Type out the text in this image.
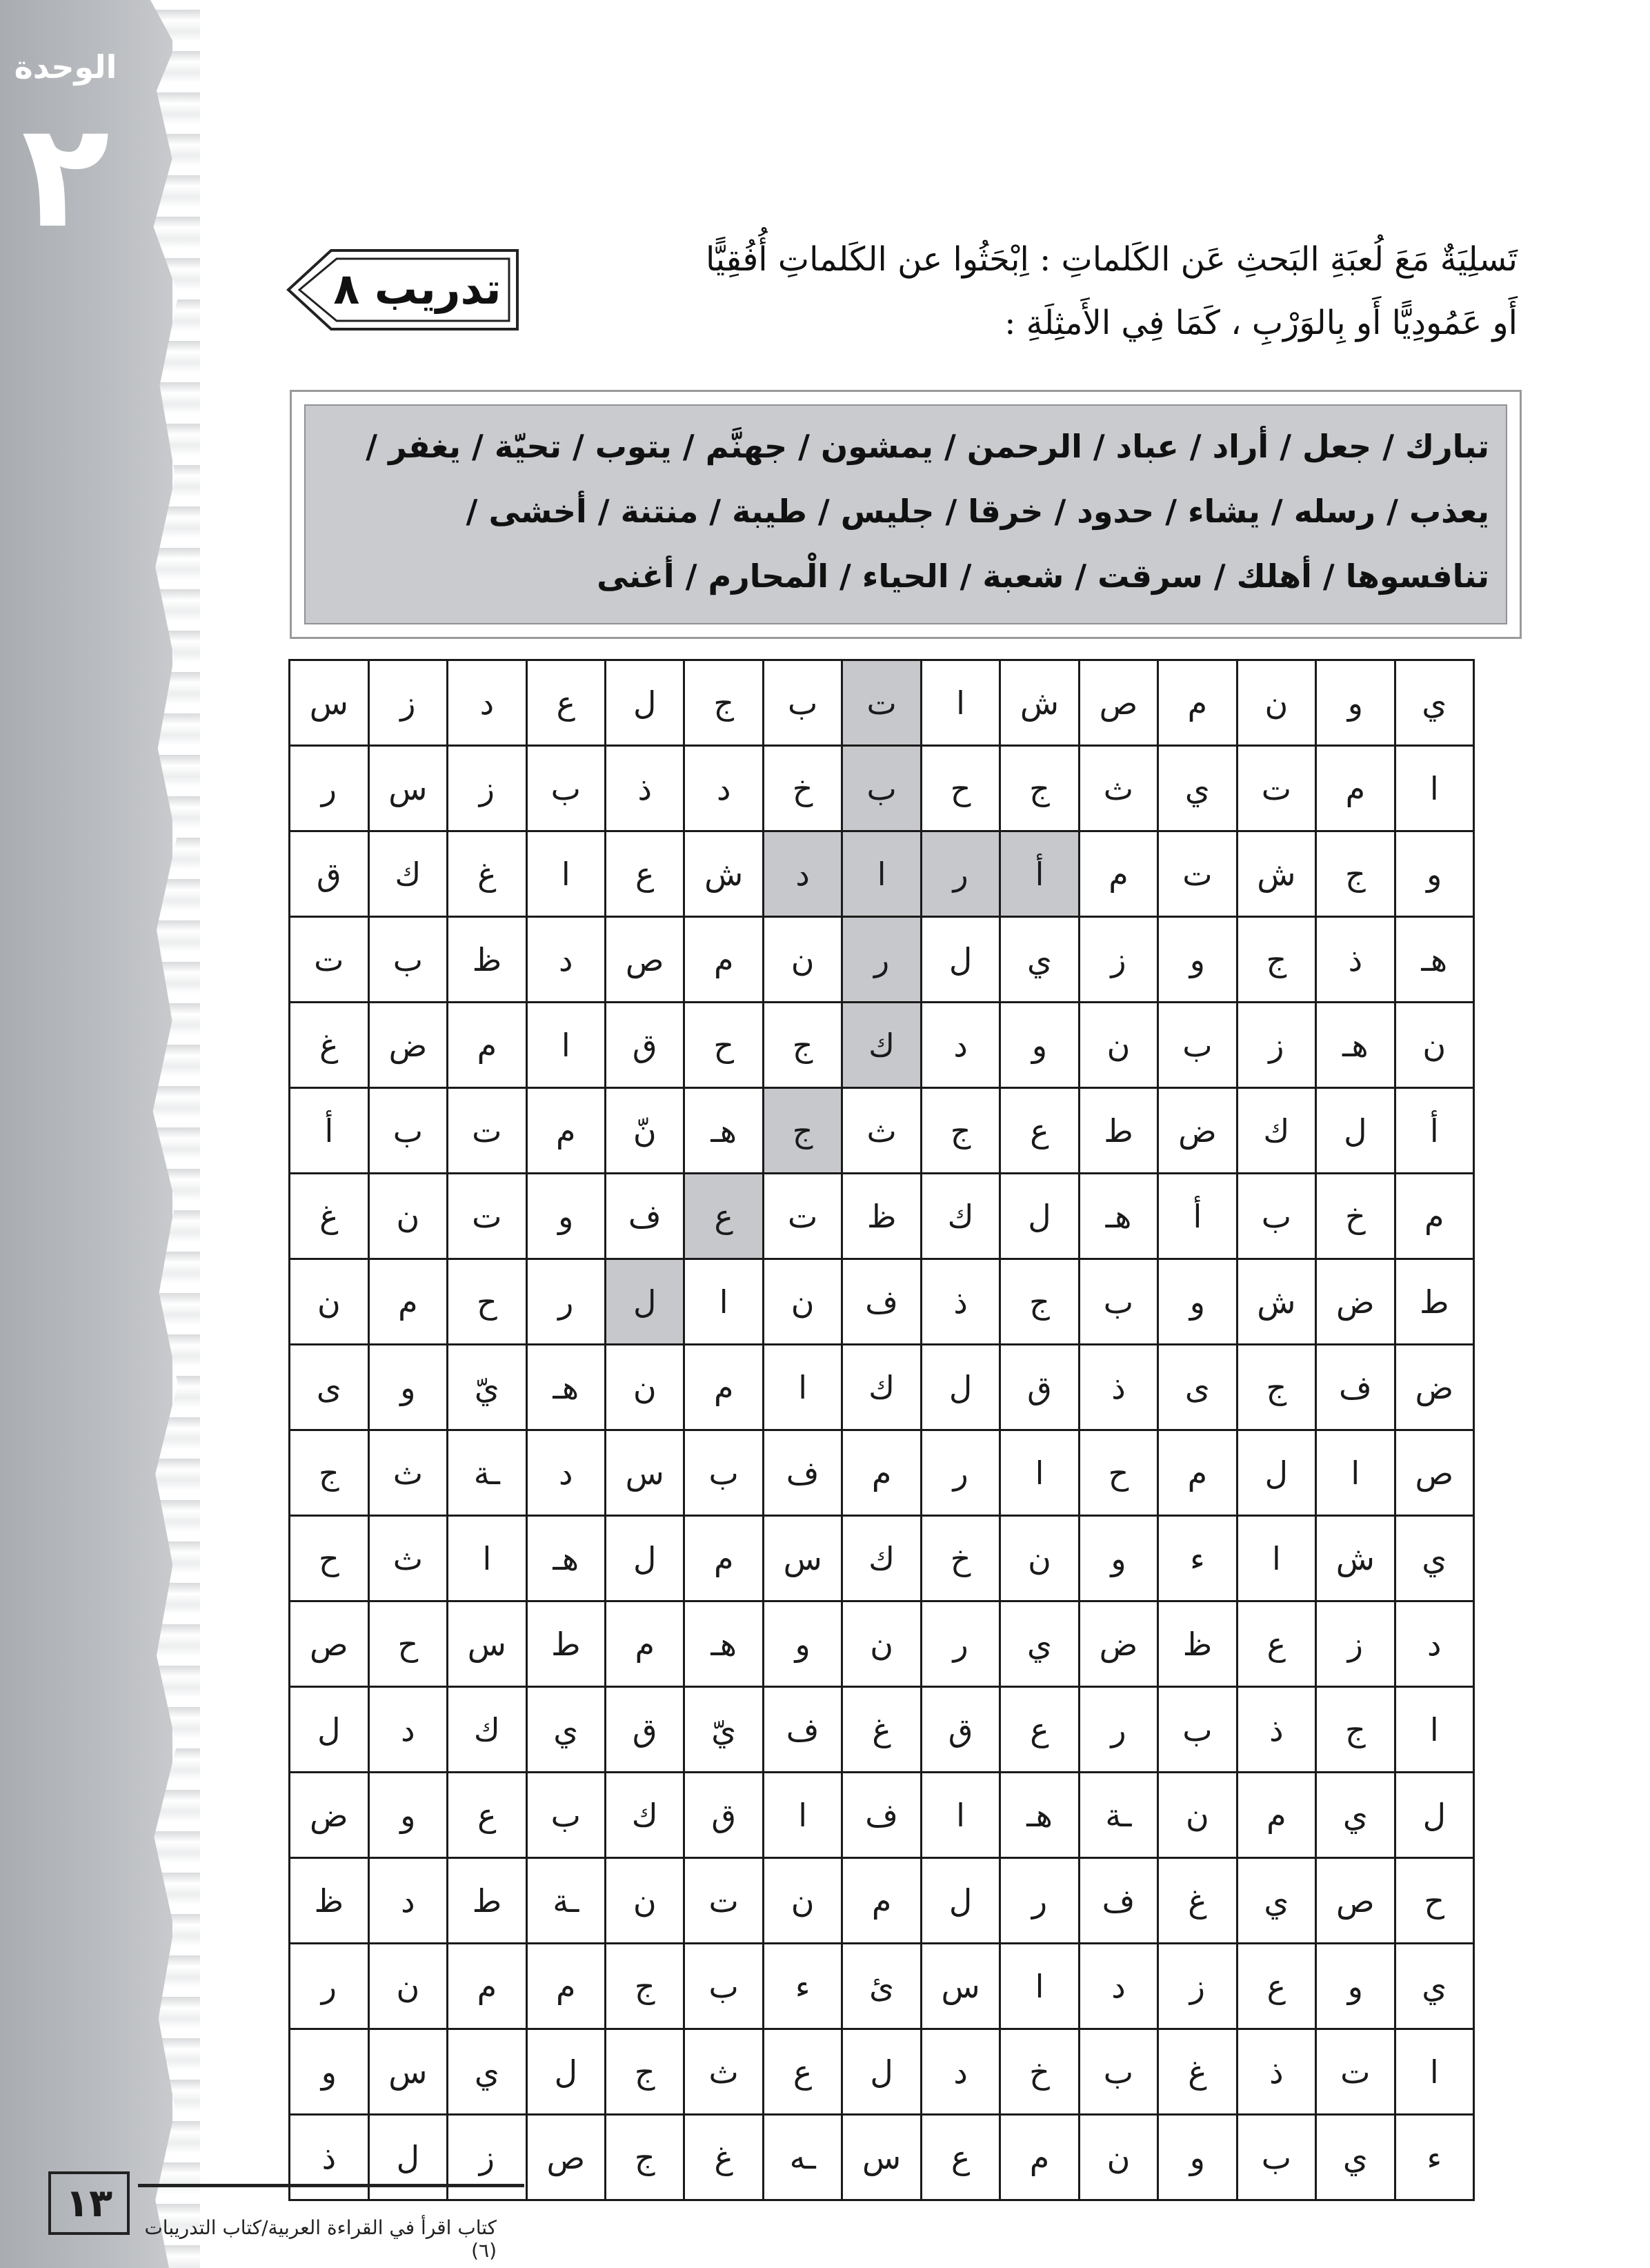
الوحدة
٢
تدريب ٨
تَسلِيَةٌ مَعَ لُعبَةِ البَحثِ عَن الكَلماتِ : اِبْحَثُوا عن الكَلماتِ أُفُقِيًّا
أَو عَمُودِيًّا أَو بِالوَرْبِ ، كَمَا فِي الأَمثِلَةِ :
تبارك / جعل / أراد / عباد / الرحمن / يمشون / جهنَّم / يتوب / تحيّة / يغفر /
يعذب / رسله / يشاء / حدود / خرقا / جليس / طيبة / منتنة / أخشى /
تنافسوها / أهلك / سرقت / شعبة / الحياء / الْمحارم / أغنى
ي	و	ن	م	ص	ش	ا	ت	ب	ج	ل	ع	د	ز	س
ا	م	ت	ي	ث	ج	ح	ب	خ	د	ذ	ب	ز	س	ر
و	ج	ش	ت	م	أ	ر	ا	د	ش	ع	ا	غ	ك	ق
هـ	ذ	ج	و	ز	ي	ل	ر	ن	م	ص	د	ظ	ب	ت
ن	هـ	ز	ب	ن	و	د	ك	ج	ح	ق	ا	م	ض	غ
أ	ل	ك	ض	ط	ع	ج	ث	ج	هـ	نّ	م	ت	ب	أ
م	خ	ب	أ	هـ	ل	ك	ظ	ت	ع	ف	و	ت	ن	غ
ط	ض	ش	و	ب	ج	ذ	ف	ن	ا	ل	ر	ح	م	ن
ض	ف	ج	ى	ذ	ق	ل	ك	ا	م	ن	هـ	يّ	و	ى
ص	ا	ل	م	ح	ا	ر	م	ف	ب	س	د	ـة	ث	ج
ي	ش	ا	ء	و	ن	خ	ك	س	م	ل	هـ	ا	ث	ح
د	ز	ع	ظ	ض	ي	ر	ن	و	هـ	م	ط	س	ح	ص
ا	ج	ذ	ب	ر	ع	ق	غ	ف	يّ	ق	ي	ك	د	ل
ل	ي	م	ن	ـة	هـ	ا	ف	ا	ق	ك	ب	ع	و	ض
ح	ص	ي	غ	ف	ر	ل	م	ن	ت	ن	ـة	ط	د	ظ
ي	و	ع	ز	د	ا	س	ئ	ء	ب	ج	م	م	ن	ر
ا	ت	ذ	غ	ب	خ	د	ل	ع	ث	ج	ل	ي	س	و
ء	ي	ب	و	ن	م	ع	س	ـه	غ	ج	ص	ز	ل	ذ
١٣
كتاب اقرأ في القراءة العربية/كتاب التدريبات (٦)
